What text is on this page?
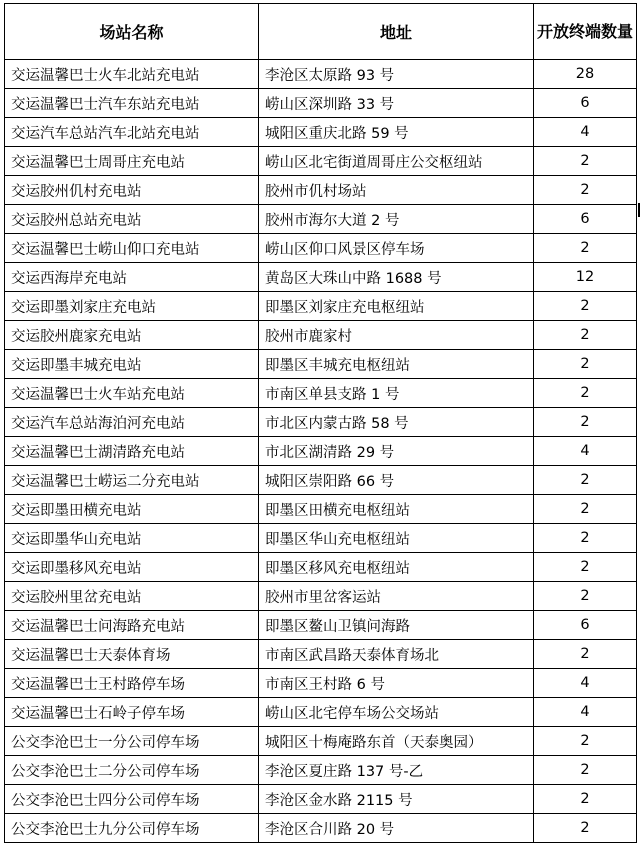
场站名称	地址	开放终端数量
交运温馨巴士火车北站充电站	李沧区太原路 93 号	28
交运温馨巴士汽车东站充电站	崂山区深圳路 33 号	6
交运汽车总站汽车北站充电站	城阳区重庆北路 59 号	4
交运温馨巴士周哥庄充电站	崂山区北宅街道周哥庄公交枢纽站	2
交运胶州仉村充电站	胶州市仉村场站	2
交运胶州总站充电站	胶州市海尔大道 2 号	6
交运温馨巴士崂山仰口充电站	崂山区仰口风景区停车场	2
交运西海岸充电站	黄岛区大珠山中路 1688 号	12
交运即墨刘家庄充电站	即墨区刘家庄充电枢纽站	2
交运胶州鹿家充电站	胶州市鹿家村	2
交运即墨丰城充电站	即墨区丰城充电枢纽站	2
交运温馨巴士火车站充电站	市南区单县支路 1 号	2
交运汽车总站海泊河充电站	市北区内蒙古路 58 号	2
交运温馨巴士湖清路充电站	市北区湖清路 29 号	4
交运温馨巴士崂运二分充电站	城阳区崇阳路 66 号	2
交运即墨田横充电站	即墨区田横充电枢纽站	2
交运即墨华山充电站	即墨区华山充电枢纽站	2
交运即墨移风充电站	即墨区移风充电枢纽站	2
交运胶州里岔充电站	胶州市里岔客运站	2
交运温馨巴士问海路充电站	即墨区鳌山卫镇问海路	6
交运温馨巴士天泰体育场	市南区武昌路天泰体育场北	2
交运温馨巴士王村路停车场	市南区王村路 6 号	4
交运温馨巴士石岭子停车场	崂山区北宅停车场公交场站	4
公交李沧巴士一分公司停车场	城阳区十梅庵路东首（天泰奥园）	2
公交李沧巴士二分公司停车场	李沧区夏庄路 137 号-乙	2
公交李沧巴士四分公司停车场	李沧区金水路 2115 号	2
公交李沧巴士九分公司停车场	李沧区合川路 20 号	2
